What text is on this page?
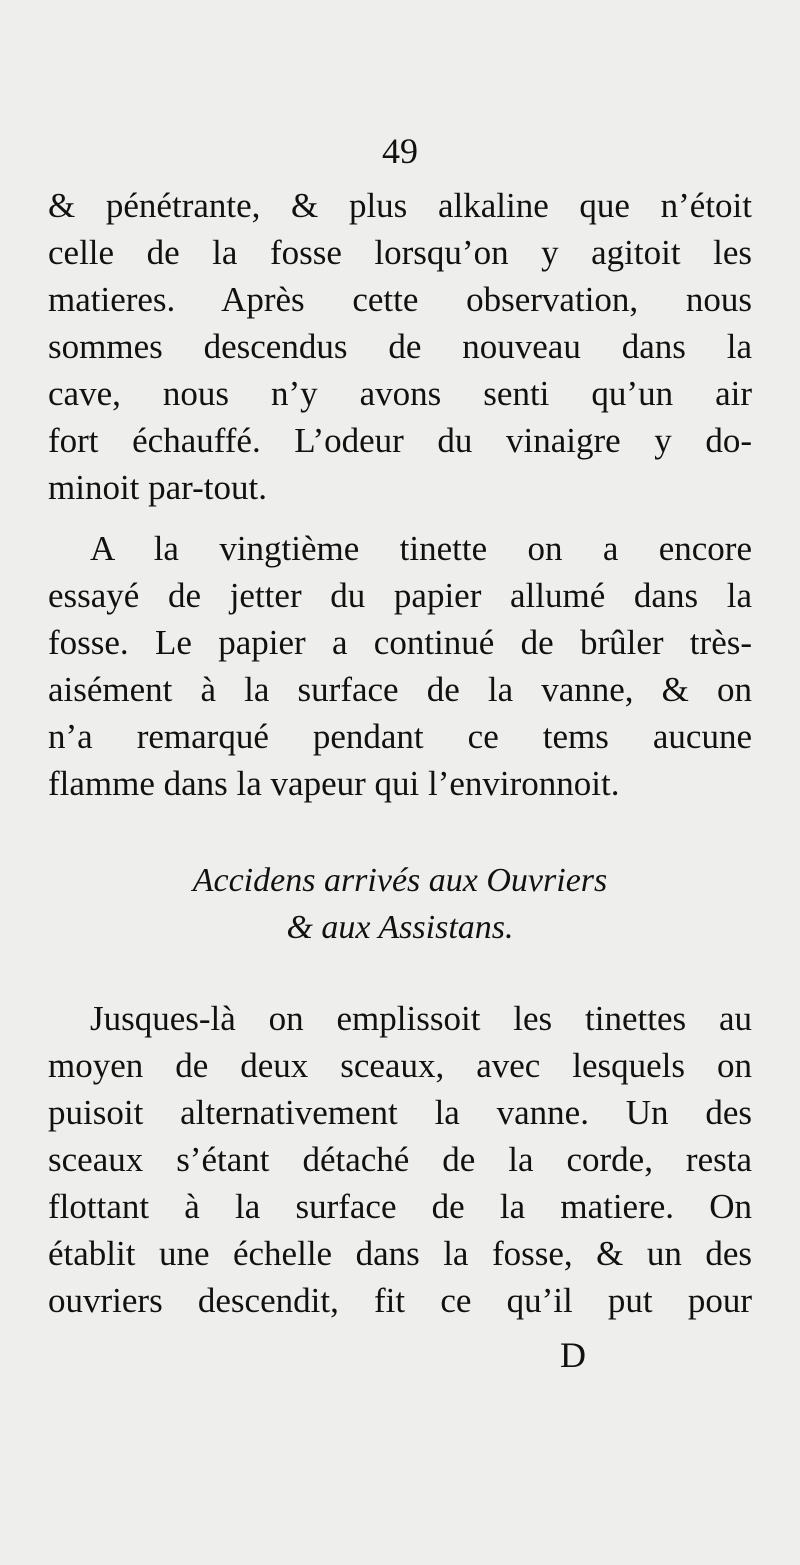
49
& pénétrante, & plus alkaline que n’étoit
celle de la fosse lorsqu’on y agitoit les
matieres. Après cette observation, nous
sommes descendus de nouveau dans la
cave, nous n’y avons senti qu’un air
fort échauffé. L’odeur du vinaigre y do-
minoit par-tout.
A la vingtième tinette on a encore
essayé de jetter du papier allumé dans la
fosse. Le papier a continué de brûler très-
aisément à la surface de la vanne, & on
n’a remarqué pendant ce tems aucune
flamme dans la vapeur qui l’environnoit.
Accidens arrivés aux Ouvriers
& aux Assistans.
Jusques-là on emplissoit les tinettes au
moyen de deux sceaux, avec lesquels on
puisoit alternativement la vanne. Un des
sceaux s’étant détaché de la corde, resta
flottant à la surface de la matiere. On
établit une échelle dans la fosse, & un des
ouvriers descendit, fit ce qu’il put pour
D
